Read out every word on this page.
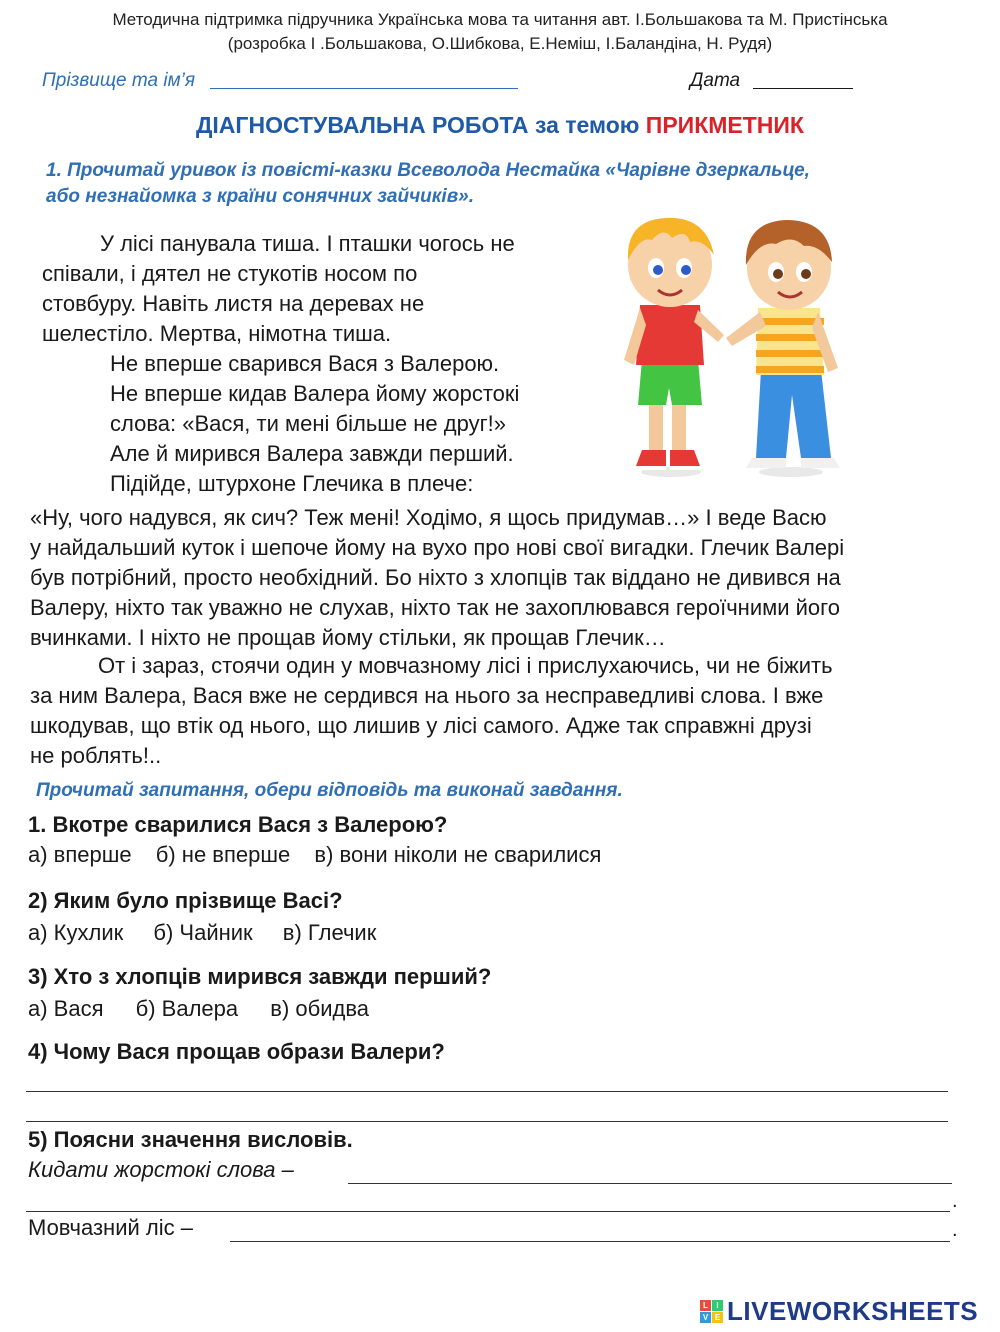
Методична підтримка підручника Українська мова та читання авт. І.Большакова та М. Пристінська
(розробка І .Большакова, О.Шибкова, Е.Неміш, І.Баландіна, Н. Рудя)
Прізвище та ім’я	Дата
ДІАГНОСТУВАЛЬНА РОБОТА за темою ПРИКМЕТНИК
1. Прочитай уривок із повісті-казки Всеволода Нестайка «Чарівне дзеркальце,
або незнайомка з країни сонячних зайчиків».
У лісі панувала тиша. І пташки чогось не
співали, і дятел не стукотів носом по
стовбуру. Навіть листя на деревах не
шелестіло. Мертва, німотна тиша.
Не вперше сварився Вася з Валерою.
Не вперше кидав Валера йому жорстокі
слова: «Вася, ти мені більше не друг!»
Але й мирився Валера завжди перший.
Підійде, штурхоне Глечика в плече:
«Ну, чого надувся, як сич? Теж мені! Ходімо, я щось придумав…» І веде Васю
у найдальший куток і шепоче йому на вухо про нові свої вигадки. Глечик Валері
був потрібний, просто необхідний. Бо ніхто з хлопців так віддано не дивився на
Валеру, ніхто так уважно не слухав, ніхто так не захоплювався героїчними його
вчинками. І ніхто не прощав йому стільки, як прощав Глечик…
От і зараз, стоячи один у мовчазному лісі і прислухаючись, чи не біжить
за ним Валера, Вася вже не сердився на нього за несправедливі слова. І вже
шкодував, що втік од нього, що лишив у лісі самого. Адже так справжні друзі
не роблять!..
Прочитай запитання, обери відповідь та виконай завдання.
1. Вкотре сварилися Вася з Валерою?
а) вперше б) не вперше в) вони ніколи не сварилися
2) Яким було прізвище Васі?
а) Кухлик б) Чайник в) Глечик
3) Хто з хлопців мирився завжди перший?
а) Вася б) Валера в) обидва
4) Чому Вася прощав образи Валери?
5) Поясни значення висловів.
Кидати жорстокі слова –
.
Мовчазний ліс –	.
L	I
V E LIVEWORKSHEETS
